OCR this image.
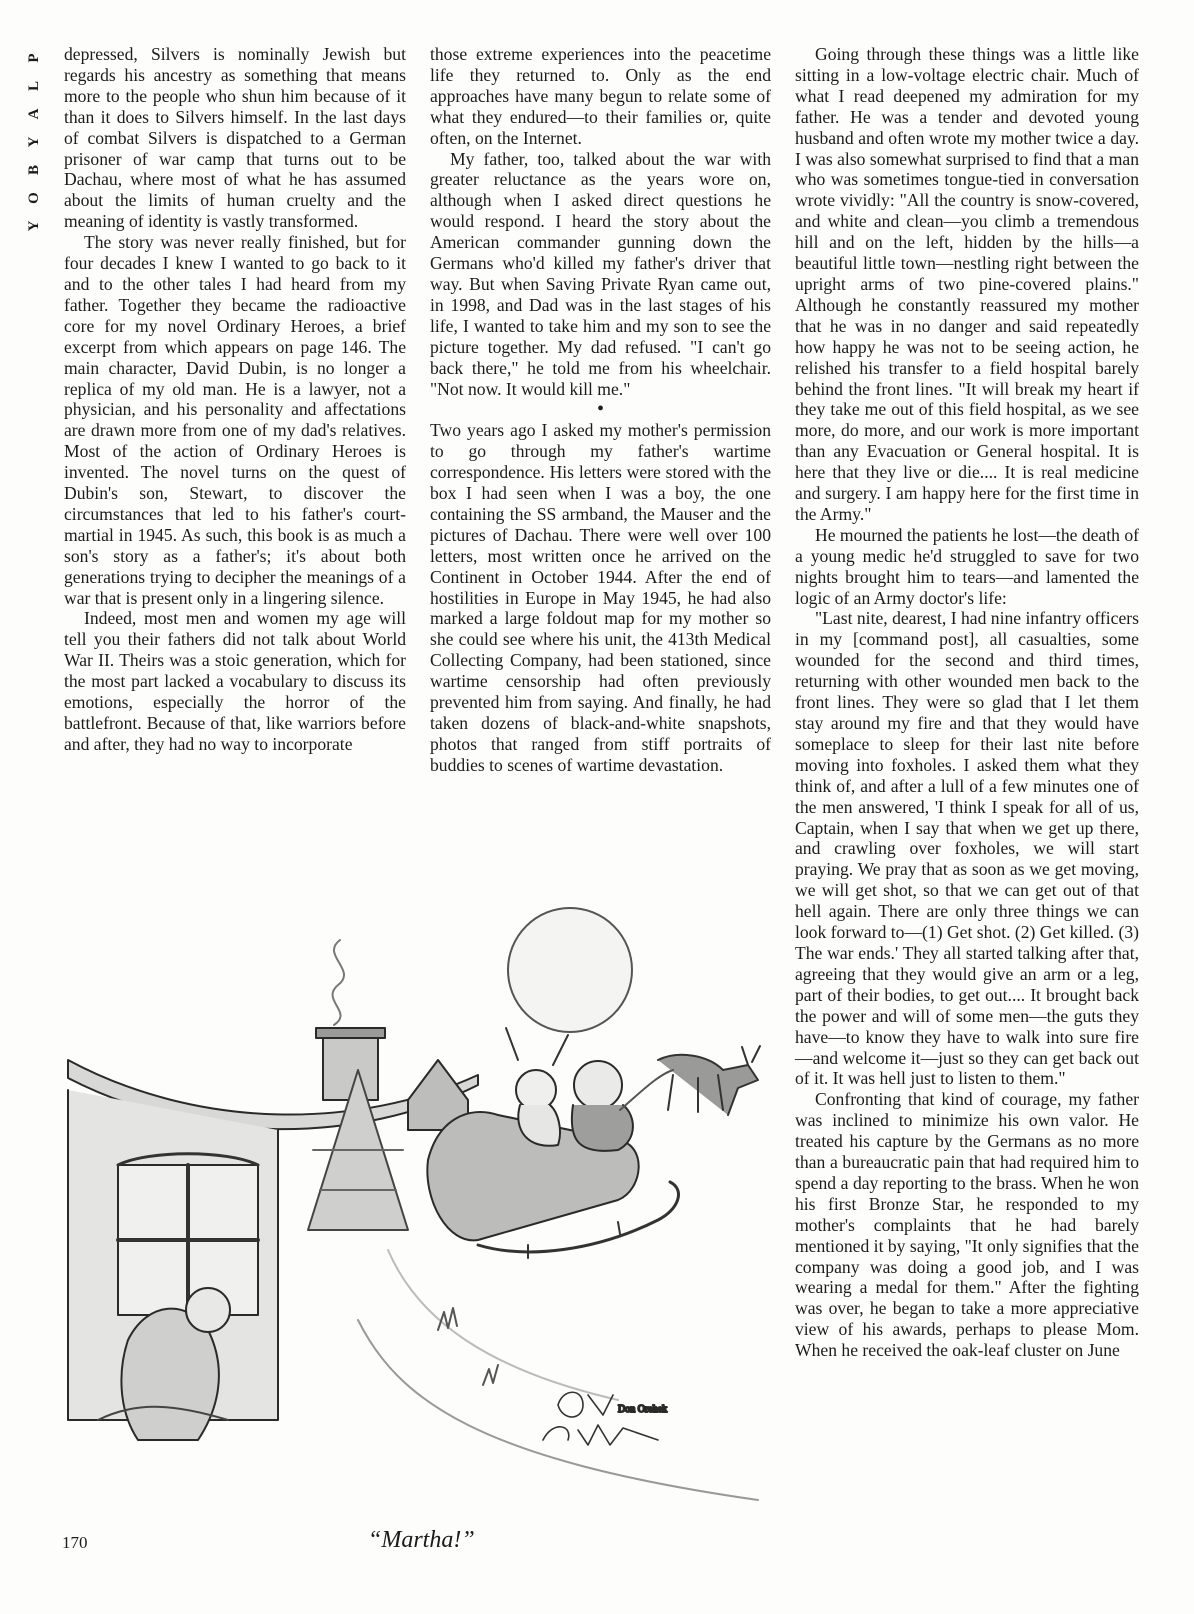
P
L
A
Y
B
O
Y

depressed, Silvers is nominally Jewish but regards his ancestry as something that means more to the people who shun him because of it than it does to Silvers himself. In the last days of combat Silvers is dispatched to a German prisoner of war camp that turns out to be Dachau, where most of what he has assumed about the limits of human cruelty and the meaning of identity is vastly transformed.

The story was never really finished, but for four decades I knew I wanted to go back to it and to the other tales I had heard from my father. Together they became the radioactive core for my novel Ordinary Heroes, a brief excerpt from which appears on page 146. The main character, David Dubin, is no longer a replica of my old man. He is a lawyer, not a physician, and his personality and affectations are drawn more from one of my dad's relatives. Most of the action of Ordinary Heroes is invented. The novel turns on the quest of Dubin's son, Stewart, to discover the circumstances that led to his father's court-martial in 1945. As such, this book is as much a son's story as a father's; it's about both generations trying to decipher the meanings of a war that is present only in a lingering silence.

Indeed, most men and women my age will tell you their fathers did not talk about World War II. Theirs was a stoic generation, which for the most part lacked a vocabulary to discuss its emotions, especially the horror of the battlefront. Because of that, like warriors before and after, they had no way to incorporate

those extreme experiences into the peacetime life they returned to. Only as the end approaches have many begun to relate some of what they endured—to their families or, quite often, on the Internet.

My father, too, talked about the war with greater reluctance as the years wore on, although when I asked direct questions he would respond. I heard the story about the American commander gunning down the Germans who'd killed my father's driver that way. But when Saving Private Ryan came out, in 1998, and Dad was in the last stages of his life, I wanted to take him and my son to see the picture together. My dad refused. "I can't go back there," he told me from his wheelchair. "Not now. It would kill me."

•

Two years ago I asked my mother's permission to go through my father's wartime correspondence. His letters were stored with the box I had seen when I was a boy, the one containing the SS armband, the Mauser and the pictures of Dachau. There were well over 100 letters, most written once he arrived on the Continent in October 1944. After the end of hostilities in Europe in May 1945, he had also marked a large foldout map for my mother so she could see where his unit, the 413th Medical Collecting Company, had been stationed, since wartime censorship had often previously prevented him from saying. And finally, he had taken dozens of black-and-white snapshots, photos that ranged from stiff portraits of buddies to scenes of wartime devastation.

Going through these things was a little like sitting in a low-voltage electric chair. Much of what I read deepened my admiration for my father. He was a tender and devoted young husband and often wrote my mother twice a day. I was also somewhat surprised to find that a man who was sometimes tongue-tied in conversation wrote vividly: "All the country is snow-covered, and white and clean—you climb a tremendous hill and on the left, hidden by the hills—a beautiful little town—nestling right between the upright arms of two pine-covered plains." Although he constantly reassured my mother that he was in no danger and said repeatedly how happy he was not to be seeing action, he relished his transfer to a field hospital barely behind the front lines. "It will break my heart if they take me out of this field hospital, as we see more, do more, and our work is more important than any Evacuation or General hospital. It is here that they live or die.... It is real medicine and surgery. I am happy here for the first time in the Army."

He mourned the patients he lost—the death of a young medic he'd struggled to save for two nights brought him to tears—and lamented the logic of an Army doctor's life:

"Last nite, dearest, I had nine infantry officers in my [command post], all casualties, some wounded for the second and third times, returning with other wounded men back to the front lines. They were so glad that I let them stay around my fire and that they would have someplace to sleep for their last nite before moving into foxholes. I asked them what they think of, and after a lull of a few minutes one of the men answered, 'I think I speak for all of us, Captain, when I say that when we get up there, and crawling over foxholes, we will start praying. We pray that as soon as we get moving, we will get shot, so that we can get out of that hell again. There are only three things we can look forward to—(1) Get shot. (2) Get killed. (3) The war ends.' They all started talking after that, agreeing that they would give an arm or a leg, part of their bodies, to get out.... It brought back the power and will of some men—the guts they have—to know they have to walk into sure fire—and welcome it—just so they can get back out of it. It was hell just to listen to them."

Confronting that kind of courage, my father was inclined to minimize his own valor. He treated his capture by the Germans as no more than a bureaucratic pain that had required him to spend a day reporting to the brass. When he won his first Bronze Star, he responded to my mother's complaints that he had barely mentioned it by saying, "It only signifies that the company was doing a good job, and I was wearing a medal for them." After the fighting was over, he began to take a more appreciative view of his awards, perhaps to please Mom. When he received the oak-leaf cluster on June

Don Orehek
170	“Martha!”
